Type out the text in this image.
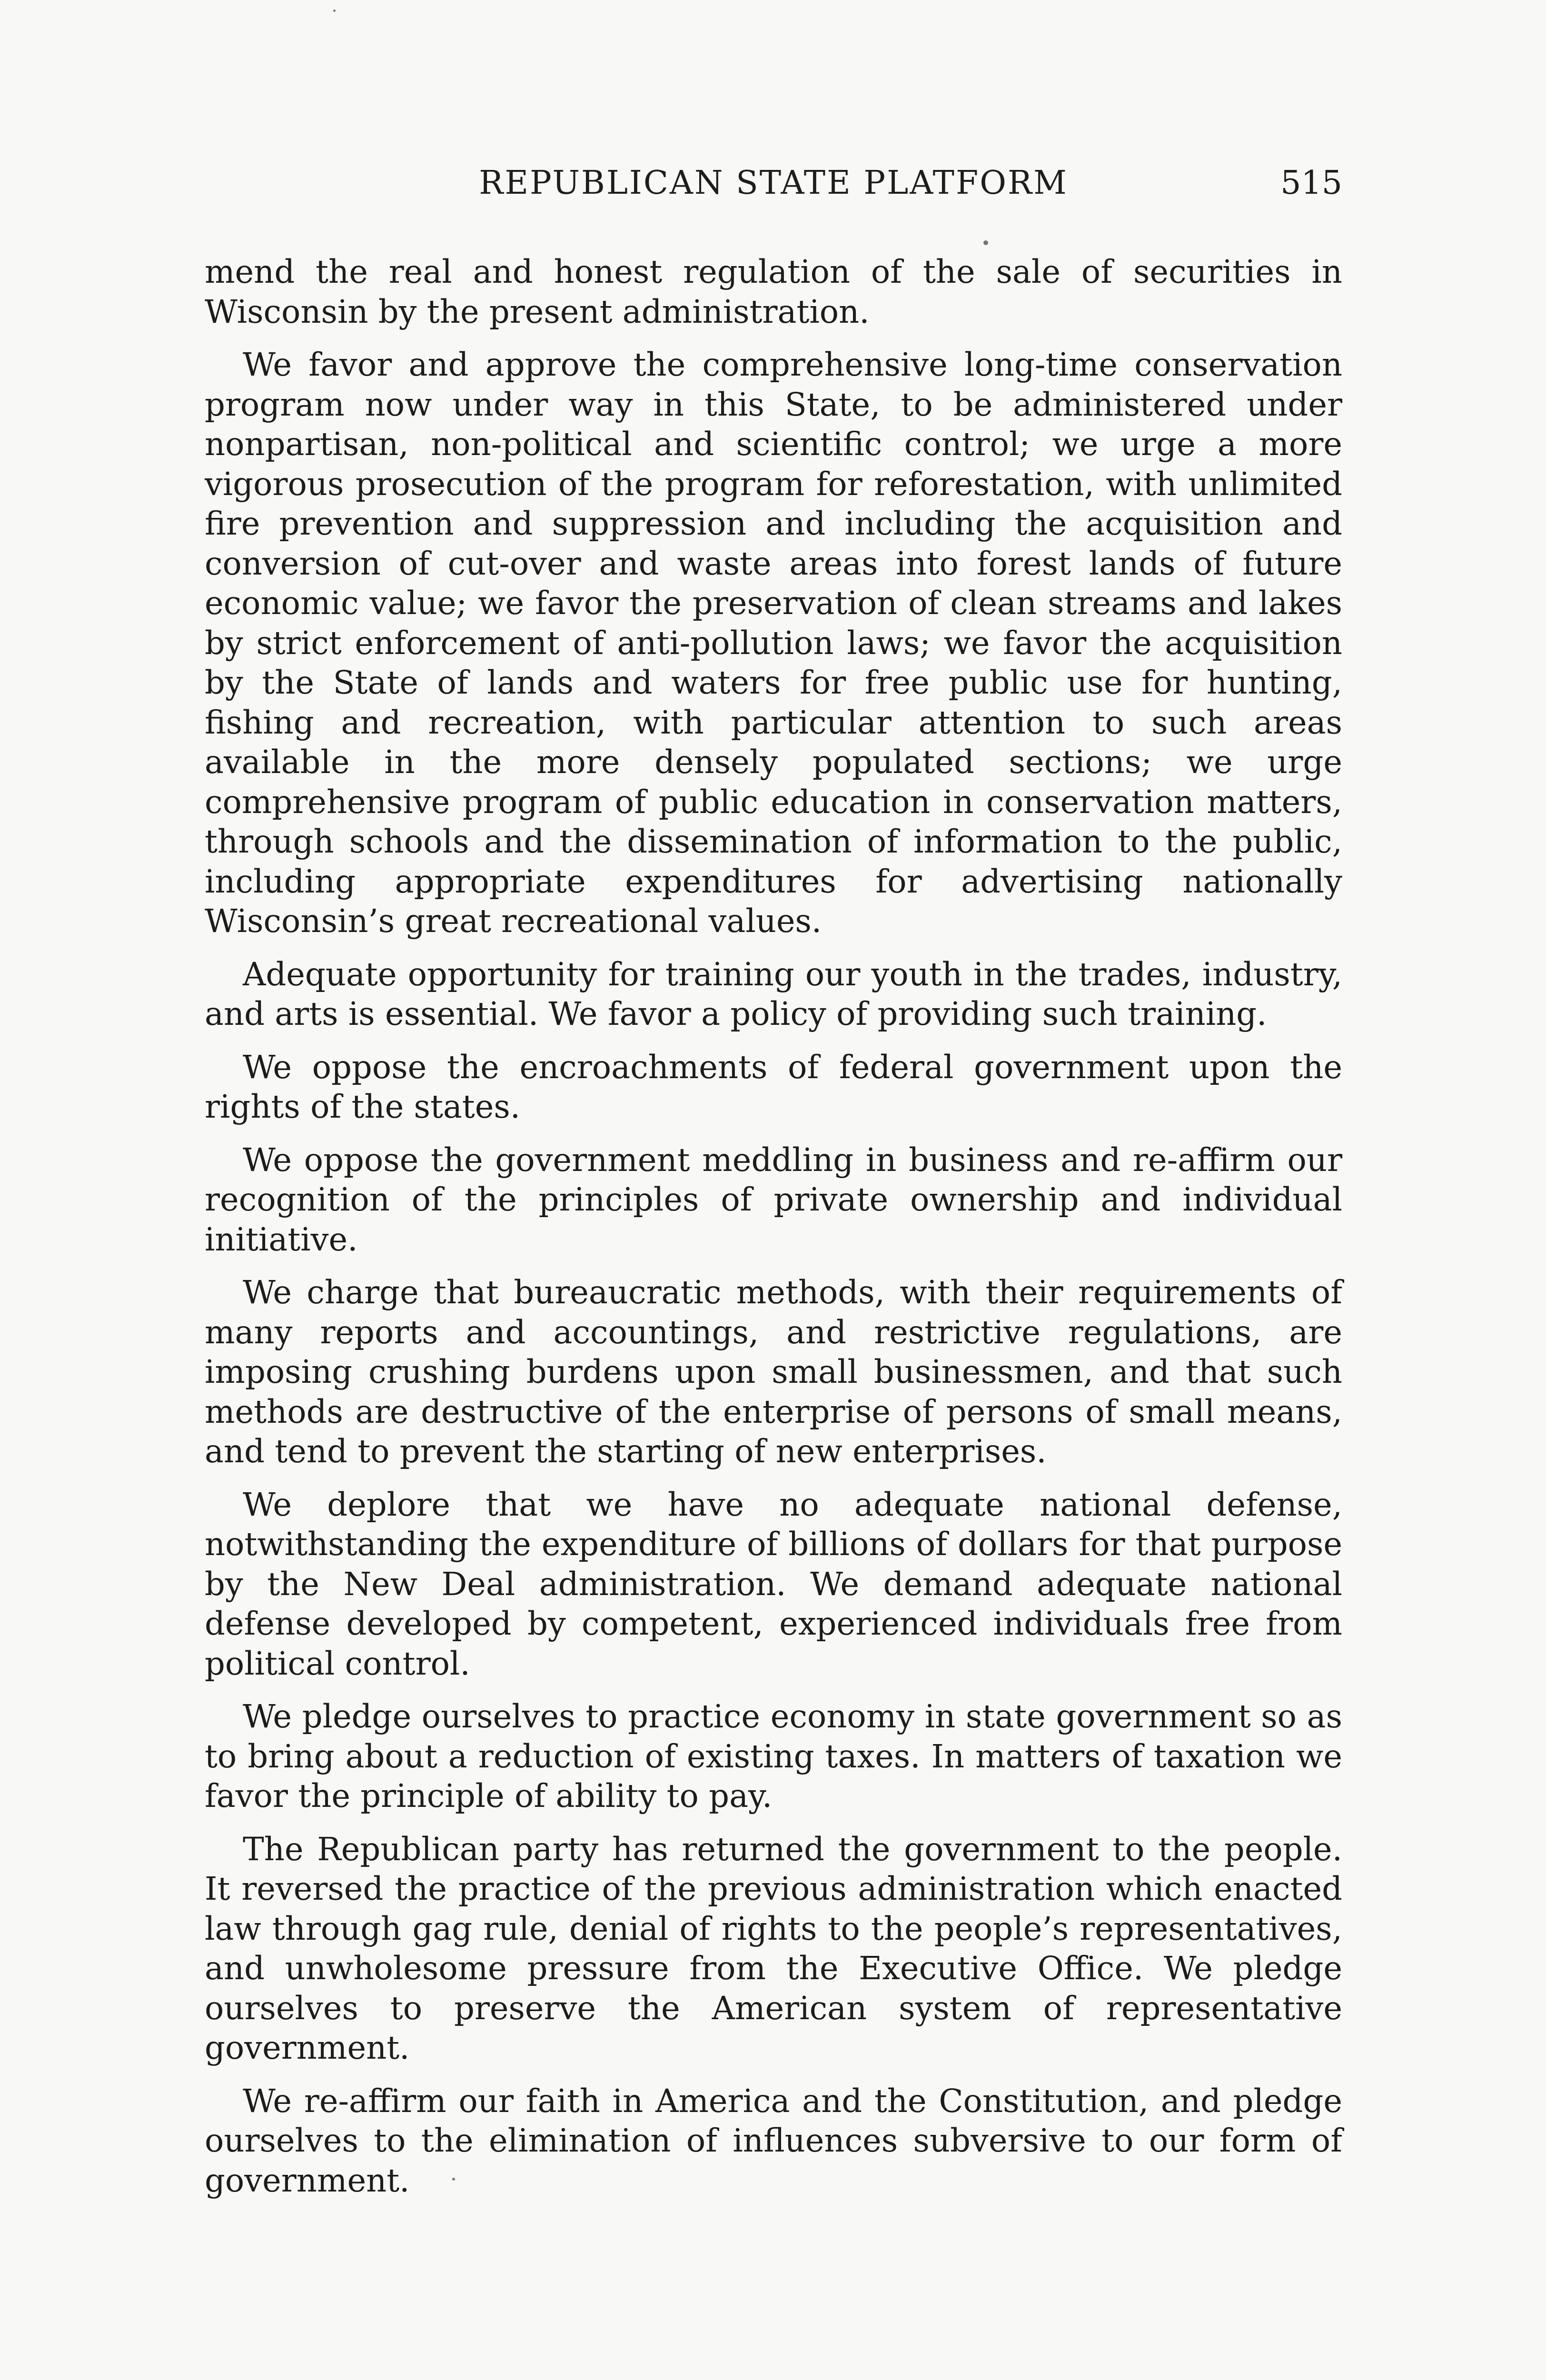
REPUBLICAN STATE PLATFORM	515

mend the real and honest regulation of the sale of securities in Wisconsin by the present administration.

We favor and approve the comprehensive long-time conservation program now under way in this State, to be administered under nonpartisan, non-political and scientific control; we urge a more vigorous prosecution of the program for reforestation, with unlimited fire prevention and suppression and including the acquisition and conversion of cut-over and waste areas into forest lands of future economic value; we favor the preservation of clean streams and lakes by strict enforcement of anti-pollution laws; we favor the acquisition by the State of lands and waters for free public use for hunting, fishing and recreation, with particular attention to such areas available in the more densely populated sections; we urge comprehensive program of public education in conservation matters, through schools and the dissemination of information to the public, including appropriate expenditures for advertising nationally Wisconsin’s great recreational values.

Adequate opportunity for training our youth in the trades, industry, and arts is essential. We favor a policy of providing such training.

We oppose the encroachments of federal government upon the rights of the states.

We oppose the government meddling in business and re-affirm our recognition of the principles of private ownership and individual initiative.

We charge that bureaucratic methods, with their requirements of many reports and accountings, and restrictive regulations, are imposing crushing burdens upon small businessmen, and that such methods are destructive of the enterprise of persons of small means, and tend to prevent the starting of new enterprises.

We deplore that we have no adequate national defense, notwithstanding the expenditure of billions of dollars for that purpose by the New Deal administration. We demand adequate national defense developed by competent, experienced individuals free from political control.

We pledge ourselves to practice economy in state government so as to bring about a reduction of existing taxes. In matters of taxation we favor the principle of ability to pay.

The Republican party has returned the government to the people. It reversed the practice of the previous administration which enacted law through gag rule, denial of rights to the people’s representatives, and unwholesome pressure from the Executive Office. We pledge ourselves to preserve the American system of representative government.

We re-affirm our faith in America and the Constitution, and pledge ourselves to the elimination of influences subversive to our form of government.
